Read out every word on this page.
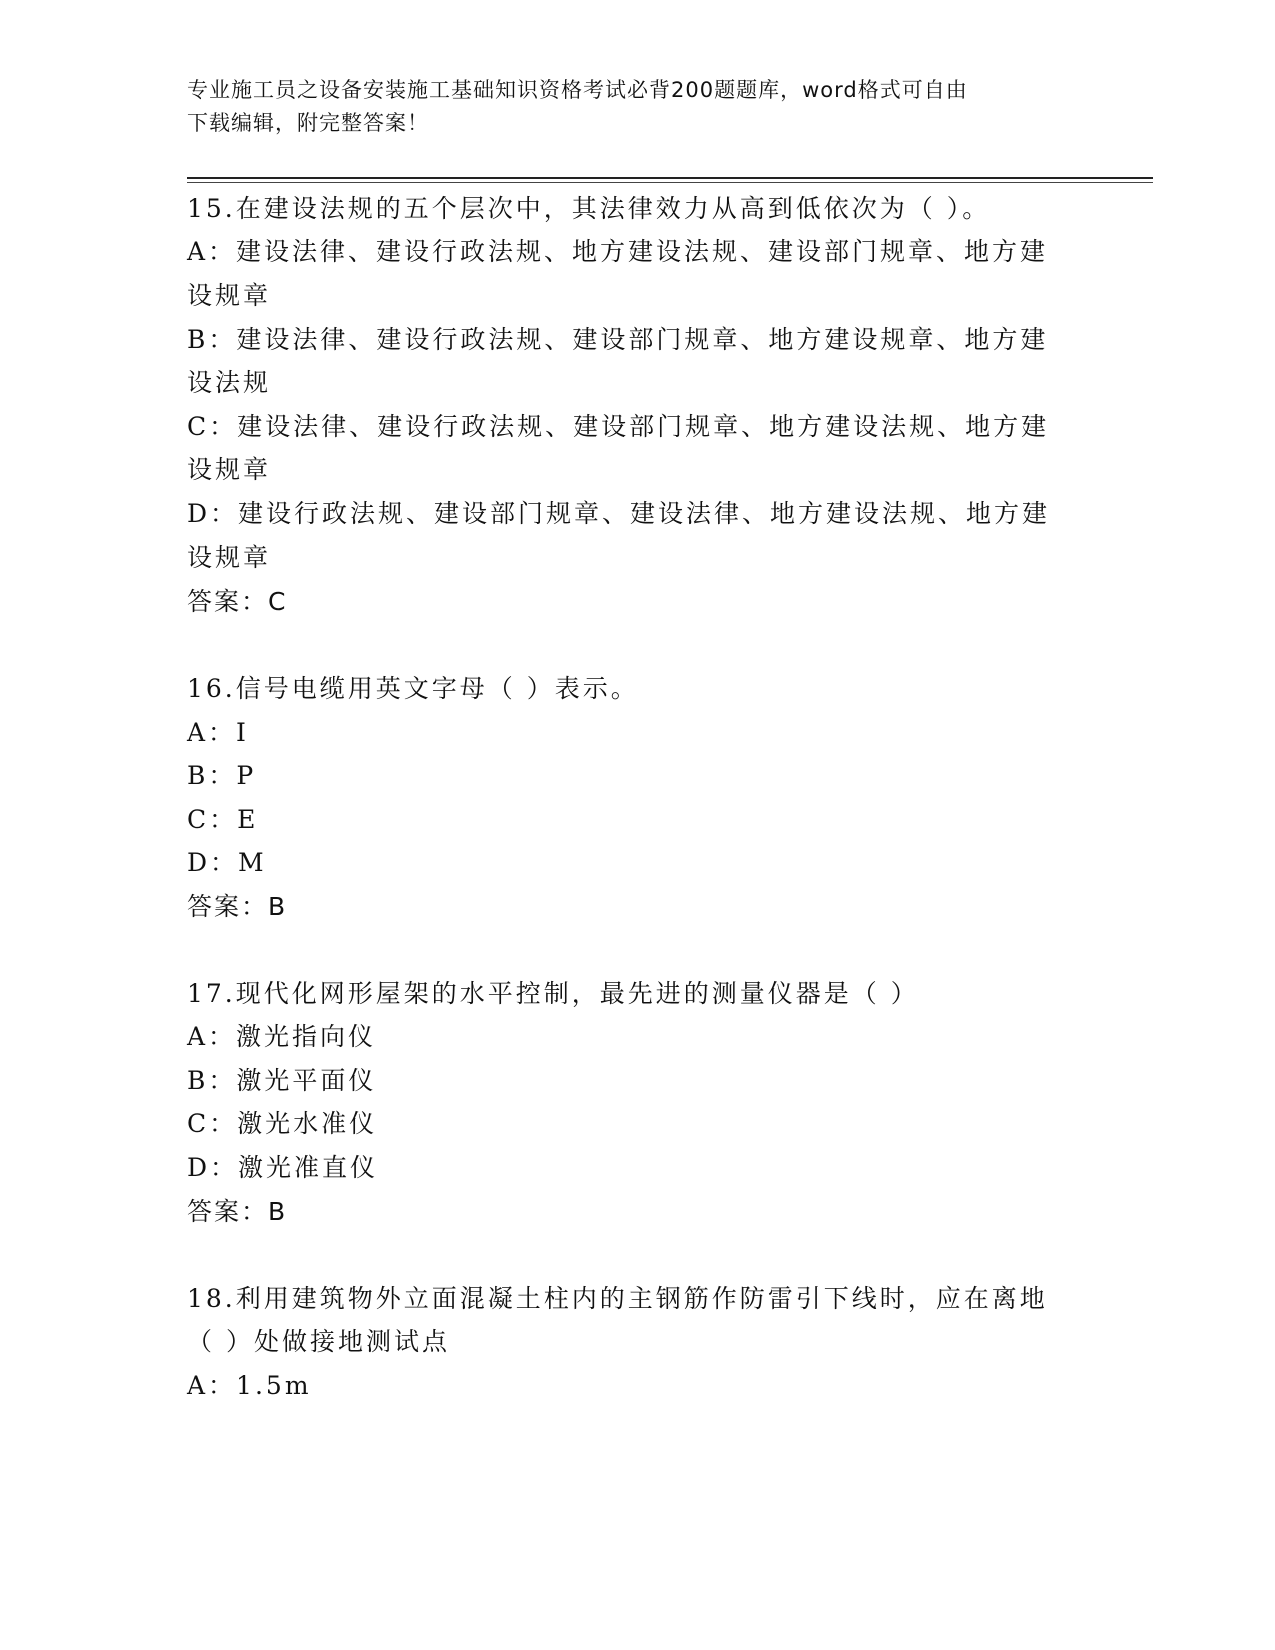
专业施工员之设备安装施工基础知识资格考试必背200题题库，word格式可自由
下载编辑，附完整答案！

15.在建设法规的五个层次中，其法律效力从高到低依次为（ ）。

A：建设法律、建设行政法规、地方建设法规、建设部门规章、地方建

设规章

B：建设法律、建设行政法规、建设部门规章、地方建设规章、地方建

设法规

C：建设法律、建设行政法规、建设部门规章、地方建设法规、地方建

设规章

D：建设行政法规、建设部门规章、建设法律、地方建设法规、地方建

设规章

答案：C

16.信号电缆用英文字母（ ）表示。

A：I

B：P

C：E

D：M

答案：B

17.现代化网形屋架的水平控制，最先进的测量仪器是（ ）

A：激光指向仪

B：激光平面仪

C：激光水准仪

D：激光准直仪

答案：B

18.利用建筑物外立面混凝土柱内的主钢筋作防雷引下线时，应在离地

（ ）处做接地测试点

A：1.5m
